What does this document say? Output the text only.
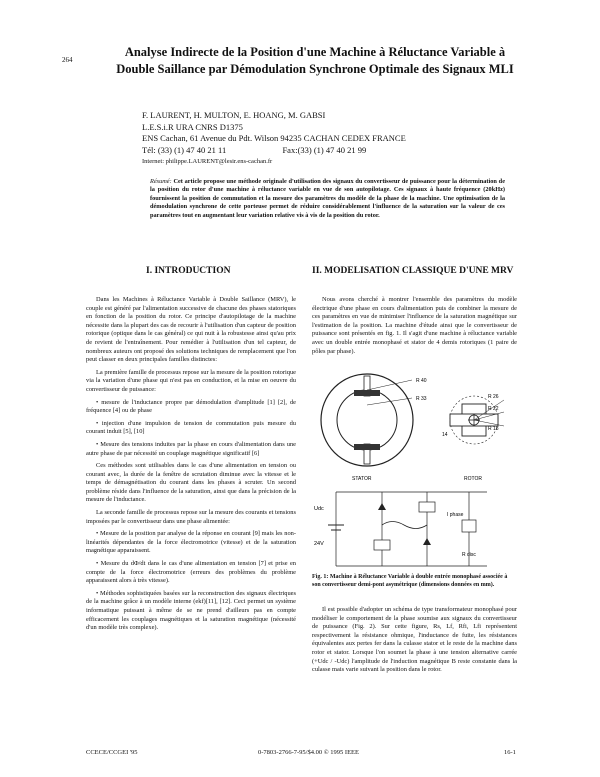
264
Analyse Indirecte de la Position d'une Machine à Réluctance Variable à
Double Saillance par Démodulation Synchrone Optimale des Signaux MLI
F. LAURENT, H. MULTON, E. HOANG, M. GABSI
L.E.S.i.R URA CNRS D1375
ENS Cachan, 61 Avenue du Pdt. Wilson 94235 CACHAN CEDEX FRANCE
Tél: (33) (1) 47 40 21 11	Fax:(33) (1) 47 40 21 99
Internet: philippe.LAURENT@lesir.ens-cachan.fr
Résumé: Cet article propose une méthode originale d'utilisation des signaux du convertisseur de puissance pour la détermination de la position du rotor d'une machine à réluctance variable en vue de son autopilotage. Ces signaux à haute fréquence (20kHz) fournissent la position de commutation et la mesure des paramètres du modèle de la phase de la machine. Une optimisation de la démodulation synchrone de cette porteuse permet de réduire considérablement l'influence de la saturation sur la valeur de ces paramètres tout en augmentant leur variation relative vis à vis de la position du rotor.
I. INTRODUCTION	II. MODELISATION CLASSIQUE D'UNE MRV

Dans les Machines à Réluctance Variable à Double Saillance (MRV), le couple est généré par l'alimentation successive de chacune des phases statoriques en fonction de la position du rotor. Ce principe d'autopilotage de la machine nécessite dans la plupart des cas de recourir à l'utilisation d'un capteur de position rotorique (optique dans le cas général) ce qui nuit à la robustesse ainsi qu'au prix de revient de l'entraînement. Pour remédier à l'utilisation d'un tel capteur, de nombreux auteurs ont proposé des solutions techniques de remplacement que l'on peut classer en deux principales familles distinctes:

La première famille de processus repose sur la mesure de la position rotorique via la variation d'une phase qui n'est pas en conduction, et la mise en oeuvre du convertisseur de puissance:

• mesure de l'inductance propre par démodulation d'amplitude [1] [2], de fréquence [4] ou de phase

• injection d'une impulsion de tension de commutation puis mesure du courant induit [5], [10]

• Mesure des tensions induites par la phase en cours d'alimentation dans une autre phase de par nécessité un couplage magnétique significatif [6]

Ces méthodes sont utilisables dans le cas d'une alimentation en tension ou courant avec, la durée de la fenêtre de scrutation diminue avec la vitesse et le temps de démagnétisation du courant dans les phases à scruter. Un second problème réside dans l'influence de la saturation, ainsi que dans la précision de la mesure de l'inductance.

La seconde famille de processus repose sur la mesure des courants et tensions imposées par le convertisseur dans une phase alimentée:

• Mesure de la position par analyse de la réponse en courant [9] mais les non-linéarités dépendantes de la force électromotrice (vitesse) et de la saturation magnétique apparaissent.

• Mesure du dΦ/dt dans le cas d'une alimentation en tension [7] et prise en compte de la force électromotrice (erreurs des problèmes du problème apparaissent alors à très vitesse).

• Méthodes sophistiquées basées sur la reconstruction des signaux électriques de la machine grâce à un modèle interne (ekf)[11], [12]. Ceci permet un système informatique puissant à même de se ne prend d'ailleurs pas en compte efficacement les couplages magnétiques et la saturation magnétique (nécessité d'un modèle très complexe).

Nous avons cherché à montrer l'ensemble des paramètres du modèle électrique d'une phase en cours d'alimentation puis de combiner la mesure de ces paramètres en vue de minimiser l'influence de la saturation magnétique sur l'estimation de la position. La machine d'étude ainsi que le convertisseur de puissance sont présentés en fig. 1. Il s'agit d'une machine à réluctance variable avec un double entrée monophasé et stator de 4 demis rotoriques (1 paire de pôles par phase).

R 40
R 33
STATOR
R 26
R 22
R 18
14
ROTOR
Udc
24V
I phase
R disc
Fig. 1: Machine à Réluctance Variable à double entrée monophasé associée à son convertisseur demi-pont asymétrique (dimensions données en mm).

Il est possible d'adopter un schéma de type transformateur monophasé pour modéliser le comportement de la phase soumise aux signaux du convertisseur de puissance (Fig. 2). Sur cette figure, Rs, Lf, Rfi, Lfi représentent respectivement la résistance ohmique, l'inductance de fuite, les résistances équivalentes aux pertes fer dans la culasse stator et le reste de la machine dans rotor et stator. Lorsque l'on soumet la phase à une tension alternative carrée (+Udc / -Udc) l'amplitude de l'induction magnétique B reste constante dans la culasse mais varie suivant la position dans le rotor.

CCECE/CCGEI '95	0-7803-2766-7-95/$4.00 © 1995 IEEE	16-1
